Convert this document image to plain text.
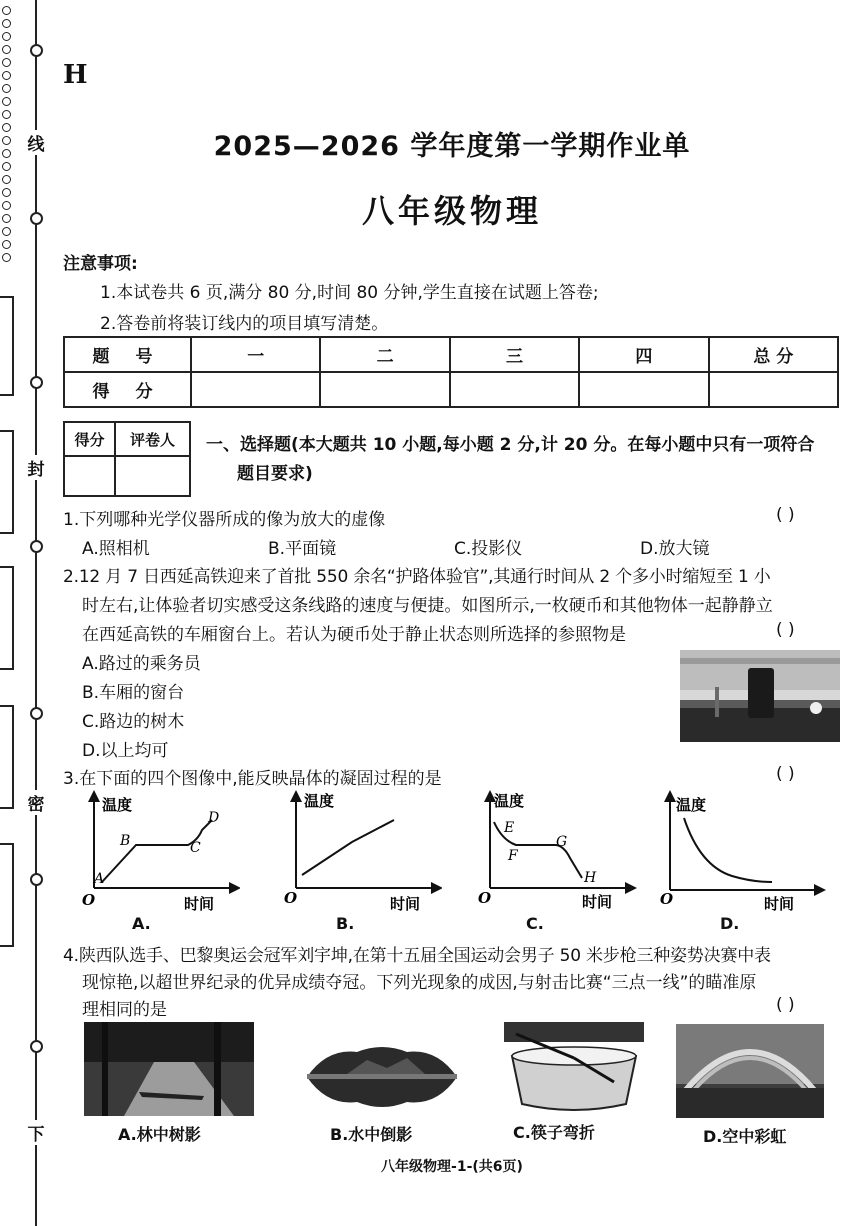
线
封
密
下
H
2025—2026 学年度第一学期作业单
八年级物理
注意事项:
1.本试卷共 6 页,满分 80 分,时间 80 分钟,学生直接在试题上答卷;
2.答卷前将装订线内的项目填写清楚。
题 号	一	二	三	四	总 分
得 分					
得分	评卷人
	一、选择题(本大题共 10 小题,每小题 2 分,计 20 分。在每小题中只有一项符合
题目要求)
1.下列哪种光学仪器所成的像为放大的虚像	( )
A.照相机	B.平面镜	C.投影仪	D.放大镜
2.12 月 7 日西延高铁迎来了首批 550 余名“护路体验官”,其通行时间从 2 个多小时缩短至 1 小
时左右,让体验者切实感受这条线路的速度与便捷。如图所示,一枚硬币和其他物体一起静静立
在西延高铁的车厢窗台上。若认为硬币处于静止状态则所选择的参照物是	( )
A.路过的乘务员
B.车厢的窗台
C.路边的树木
D.以上均可
3.在下面的四个图像中,能反映晶体的凝固过程的是	( )
温度
时间
O
A
B	C
D
A.
温度
时间
O
B.
温度
时间
O
E
F
G
H
C.
温度
时间
O
D.
4.陕西队选手、巴黎奥运会冠军刘宇坤,在第十五届全国运动会男子 50 米步枪三种姿势决赛中表
现惊艳,以超世界纪录的优异成绩夺冠。下列光现象的成因,与射击比赛“三点一线”的瞄准原
理相同的是	( )
A.林中树影	B.水中倒影	C.筷子弯折	D.空中彩虹
八年级物理-1-(共6页)
